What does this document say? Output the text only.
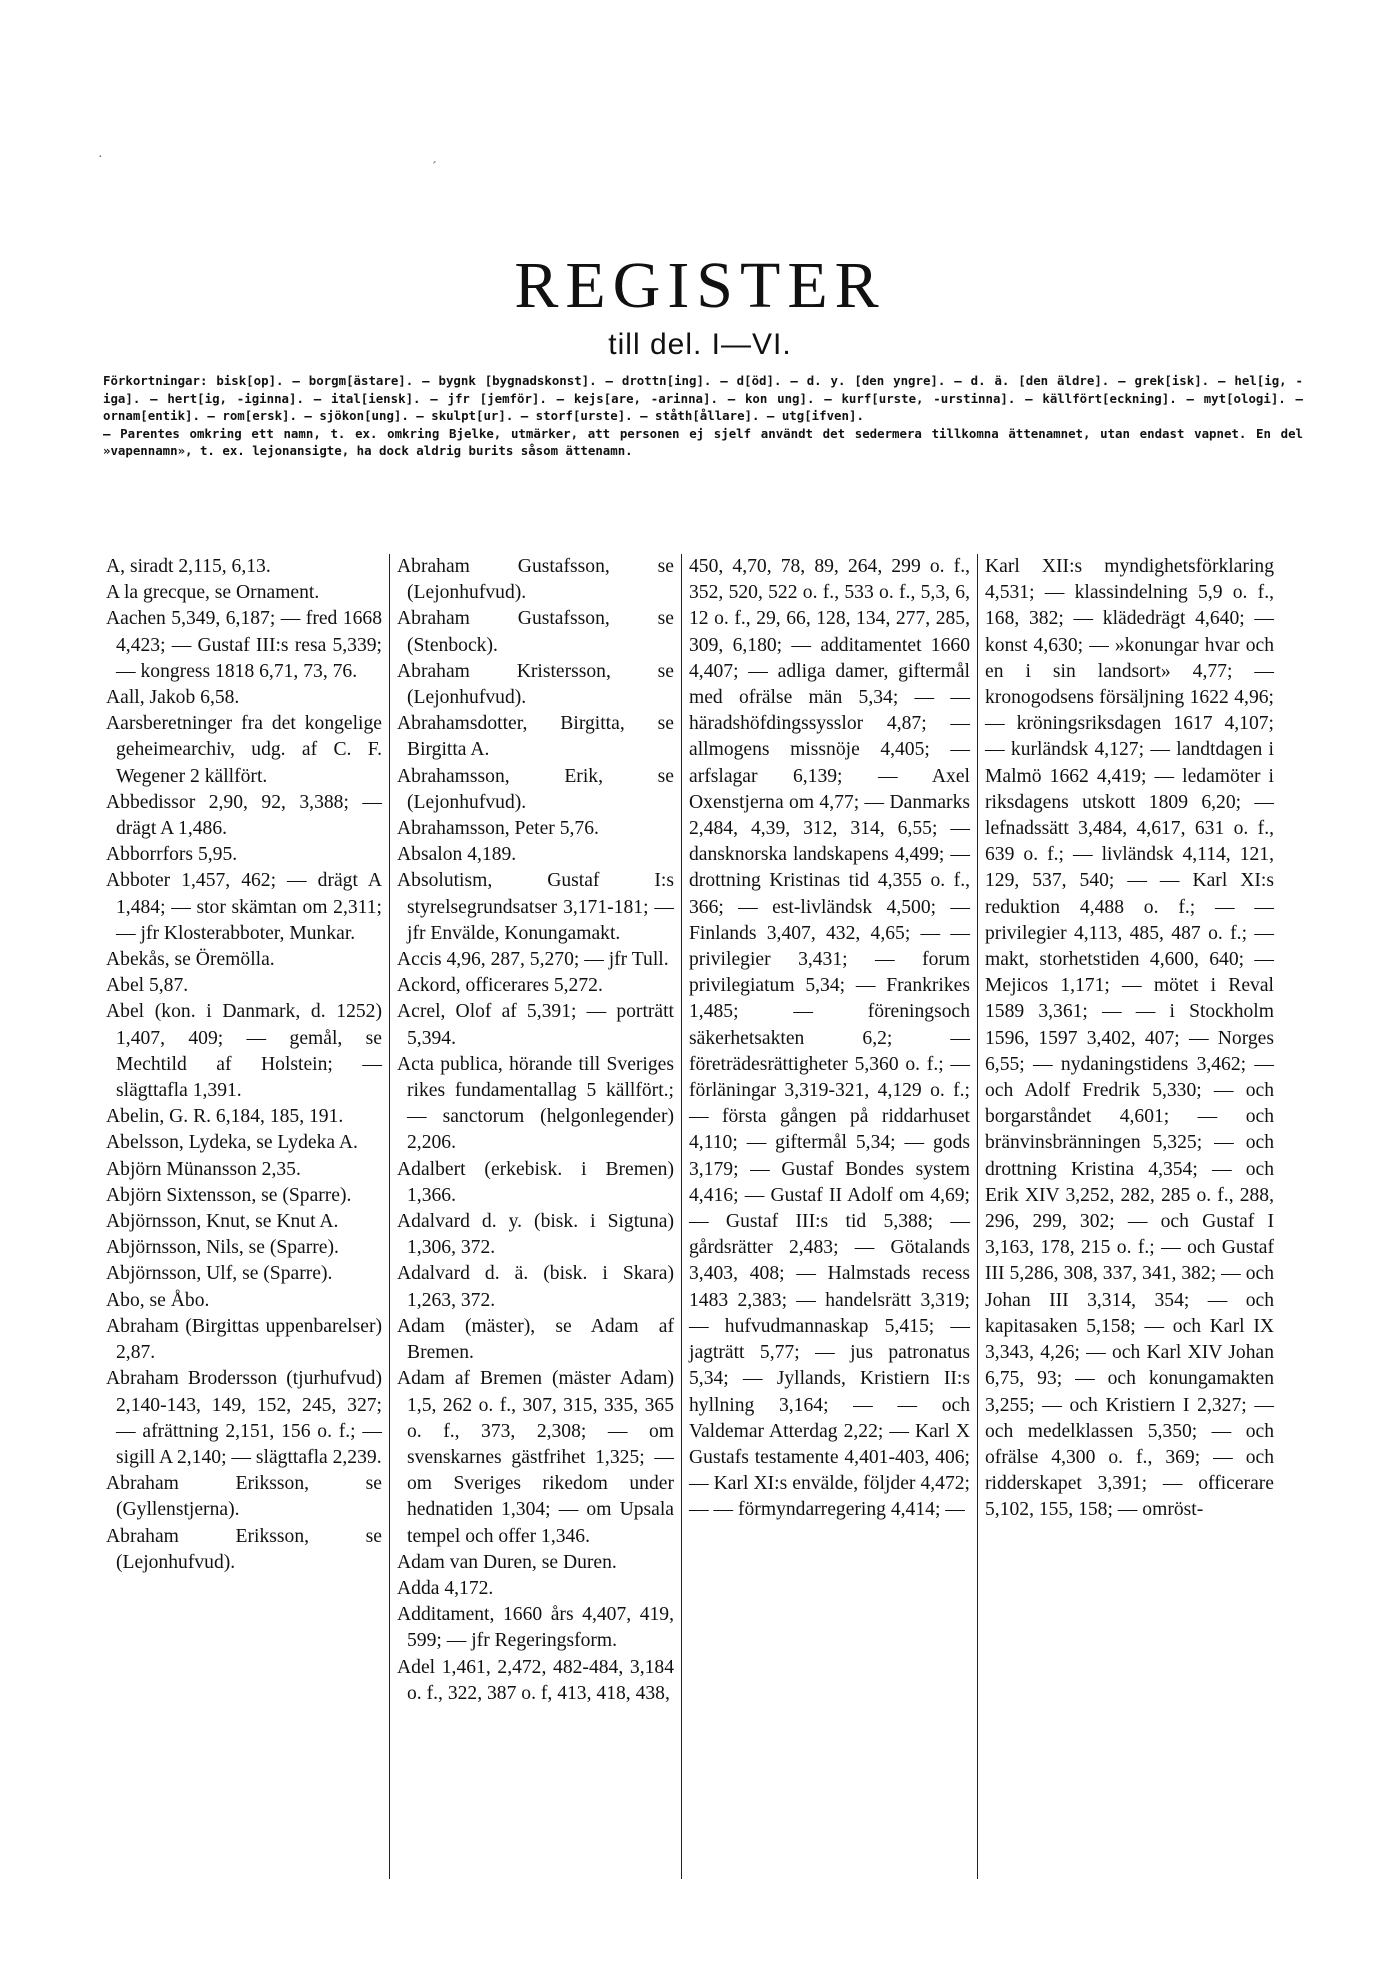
·
´
REGISTER
till del. I—VI.

Förkortningar: bisk[op]. — borgm[ästare]. — bygnk [bygnadskonst]. — drottn[ing]. — d[öd]. — d. y. [den yngre]. — d. ä. [den äldre]. — grek[isk]. — hel[ig, -iga]. — hert[ig, -iginna]. — ital[iensk]. — jfr [jemför]. — kejs[are, -arinna]. — kon ung]. — kurf[urste, -urstinna]. — källfört[eckning]. — myt[ologi]. — ornam[entik]. — rom[ersk]. — sjökon[ung]. — skulpt[ur]. — storf[urste]. — ståth[ållare]. — utg[ifven].

— Parentes omkring ett namn, t. ex. omkring Bjelke, utmärker, att personen ej sjelf användt det sedermera tillkomna ättenamnet, utan endast vapnet. En del »vapennamn», t. ex. lejonansigte, ha dock aldrig burits såsom ättenamn.

A, siradt 2,115, 6,13.

A la grecque, se Ornament.

Aachen 5,349, 6,187; — fred 1668 4,423; — Gustaf III:s resa 5,339; — kongress 1818 6,71, 73, 76.

Aall, Jakob 6,58.

Aarsberetninger fra det kongelige geheimearchiv, udg. af C. F. Wegener 2 källfört.

Abbedissor 2,90, 92, 3,388; — drägt A 1,486.

Abborrfors 5,95.

Abboter 1,457, 462; — drägt A 1,484; — stor skämtan om 2,311; — jfr Klosterabboter, Munkar.

Abekås, se Öremölla.

Abel 5,87.

Abel (kon. i Danmark, d. 1252) 1,407, 409; — gemål, se Mechtild af Holstein; — slägttafla 1,391.

Abelin, G. R. 6,184, 185, 191.

Abelsson, Lydeka, se Lydeka A.

Abjörn Münansson 2,35.

Abjörn Sixtensson, se (Sparre).

Abjörnsson, Knut, se Knut A.

Abjörnsson, Nils, se (Sparre).

Abjörnsson, Ulf, se (Sparre).

Abo, se Åbo.

Abraham (Birgittas uppenbarelser) 2,87.

Abraham Brodersson (tjurhufvud) 2,140-143, 149, 152, 245, 327; — afrättning 2,151, 156 o. f.; — sigill A 2,140; — slägttafla 2,239.

Abraham Eriksson, se (Gyllenstjerna).

Abraham Eriksson, se (Lejonhufvud).

Abraham Gustafsson, se (Lejonhufvud).

Abraham Gustafsson, se (Stenbock).

Abraham Kristersson, se (Lejonhufvud).

Abrahamsdotter, Birgitta, se Birgitta A.

Abrahamsson, Erik, se (Lejonhufvud).

Abrahamsson, Peter 5,76.

Absalon 4,189.

Absolutism, Gustaf I:s styrelsegrundsatser 3,171-181; — jfr Envälde, Konungamakt.

Accis 4,96, 287, 5,270; — jfr Tull.

Ackord, officerares 5,272.

Acrel, Olof af 5,391; — porträtt 5,394.

Acta publica, hörande till Sveriges rikes fundamentallag 5 källfört.; — sanctorum (helgonlegender) 2,206.

Adalbert (erkebisk. i Bremen) 1,366.

Adalvard d. y. (bisk. i Sigtuna) 1,306, 372.

Adalvard d. ä. (bisk. i Skara) 1,263, 372.

Adam (mäster), se Adam af Bremen.

Adam af Bremen (mäster Adam) 1,5, 262 o. f., 307, 315, 335, 365 o. f., 373, 2,308; — om svenskarnes gästfrihet 1,325; — om Sveriges rikedom under hednatiden 1,304; — om Upsala tempel och offer 1,346.

Adam van Duren, se Duren.

Adda 4,172.

Additament, 1660 års 4,407, 419, 599; — jfr Regeringsform.

Adel 1,461, 2,472, 482-484, 3,184 o. f., 322, 387 o. f, 413, 418, 438,

450, 4,70, 78, 89, 264, 299 o. f., 352, 520, 522 o. f., 533 o. f., 5,3, 6, 12 o. f., 29, 66, 128, 134, 277, 285, 309, 6,180; — additamentet 1660 4,407; — adliga damer, giftermål med ofrälse män 5,34; — — häradshöfdingssysslor 4,87; — allmogens missnöje 4,405; — arfslagar 6,139; — Axel Oxenstjernа om 4,77; — Danmarks 2,484, 4,39, 312, 314, 6,55; — dansknorska landskapens 4,499; — drottning Kristinas tid 4,355 o. f., 366; — est-livländsk 4,500; — Finlands 3,407, 432, 4,65; — — privilegier 3,431; — forum privilegiatum 5,34; — Frankrikes 1,485; — föreningsoch säkerhetsakten 6,2; — företrädesrättigheter 5,360 o. f.; — förläningar 3,319-321, 4,129 o. f.; — första gången på riddarhuset 4,110; — giftermål 5,34; — gods 3,179; — Gustaf Bondes system 4,416; — Gustaf II Adolf om 4,69; — Gustaf III:s tid 5,388; — gårdsrätter 2,483; — Götalands 3,403, 408; — Halmstads recess 1483 2,383; — handelsrätt 3,319; — hufvudmannaskap 5,415; — jagträtt 5,77; — jus patronatus 5,34; — Jyllands, Kristiern II:s hyllning 3,164; — — och Valdemar Atterdag 2,22; — Karl X Gustafs testamente 4,401-403, 406; — Karl XI:s envälde, följder 4,472; — — förmyndarregering 4,414; —

Karl XII:s myndighetsförklaring 4,531; — klassindelning 5,9 o. f., 168, 382; — klädedrägt 4,640; — konst 4,630; — »konungar hvar och en i sin landsort» 4,77; — kronogodsens försäljning 1622 4,96; — kröningsriksdagen 1617 4,107; — kurländsk 4,127; — landtdagen i Malmö 1662 4,419; — ledamöter i riksdagens utskott 1809 6,20; — lefnadssätt 3,484, 4,617, 631 o. f., 639 o. f.; — livländsk 4,114, 121, 129, 537, 540; — — Karl XI:s reduktion 4,488 o. f.; — — privilegier 4,113, 485, 487 o. f.; — makt, storhetstiden 4,600, 640; — Mejicos 1,171; — mötet i Reval 1589 3,361; — — i Stockholm 1596, 1597 3,402, 407; — Norges 6,55; — nydaningstidens 3,462; — och Adolf Fredrik 5,330; — och borgarståndet 4,601; — och bränvinsbränningen 5,325; — och drottning Kristina 4,354; — och Erik XIV 3,252, 282, 285 o. f., 288, 296, 299, 302; — och Gustaf I 3,163, 178, 215 o. f.; — och Gustaf III 5,286, 308, 337, 341, 382; — och Johan III 3,314, 354; — och kapitasaken 5,158; — och Karl IX 3,343, 4,26; — och Karl XIV Johan 6,75, 93; — och konungamakten 3,255; — och Kristiern I 2,327; — och medelklassen 5,350; — och ofrälse 4,300 o. f., 369; — och ridderskapet 3,391; — officerare 5,102, 155, 158; — omröst-
